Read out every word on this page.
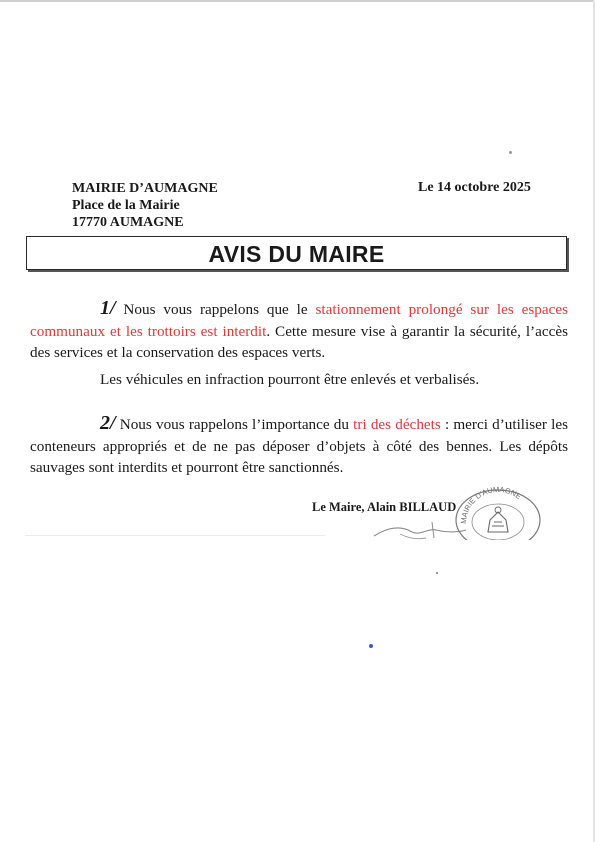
MAIRIE D’AUMAGNE
Place de la Mairie
17770 AUMAGNE
Le 14 octobre 2025
AVIS DU MAIRE
1/ Nous vous rappelons que le stationnement prolongé sur les espaces communaux et les trottoirs est interdit. Cette mesure vise à garantir la sécurité, l’accès des services et la conservation des espaces verts.
Les véhicules en infraction pourront être enlevés et verbalisés.
2/ Nous vous rappelons l’importance du tri des déchets : merci d’utiliser les conteneurs appropriés et de ne pas déposer d’objets à côté des bennes. Les dépôts sauvages sont interdits et pourront être sanctionnés.
Le Maire, Alain BILLAUD
MAIRIE D'AUMAGNE
